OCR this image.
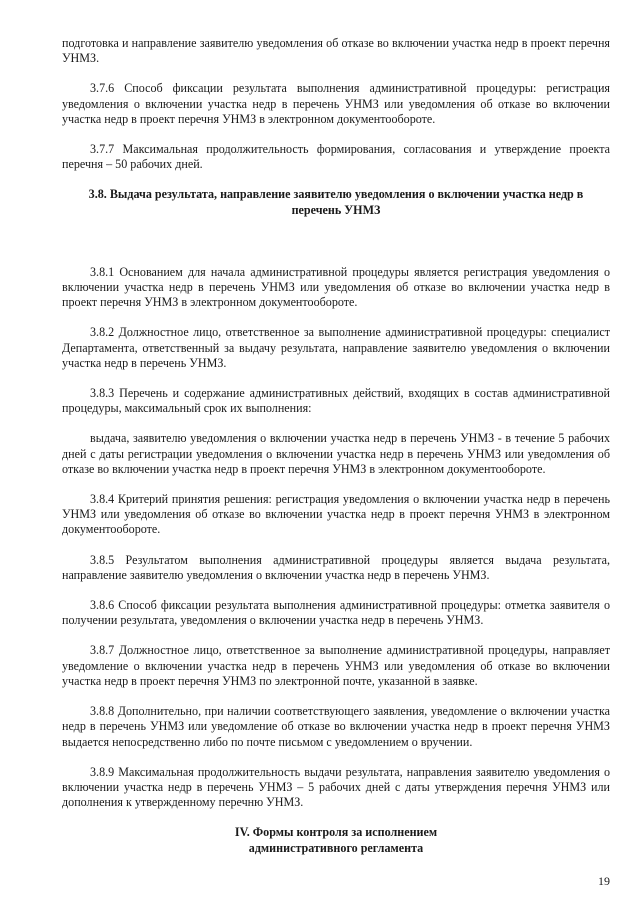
подготовка и направление заявителю уведомления об отказе во включении участка недр в проект перечня УНМЗ.

3.7.6 Способ фиксации результата выполнения административной процедуры: регистрация уведомления о включении участка недр в перечень УНМЗ или уведомления об отказе во включении участка недр в проект перечня УНМЗ в электронном документообороте.

3.7.7 Максимальная продолжительность формирования, согласования и утверждение проекта перечня – 50 рабочих дней.

3.8. Выдача результата, направление заявителю уведомления о включении участка недр в перечень УНМЗ

3.8.1 Основанием для начала административной процедуры является регистрация уведомления о включении участка недр в перечень УНМЗ или уведомления об отказе во включении участка недр в проект перечня УНМЗ в электронном документообороте.

3.8.2 Должностное лицо, ответственное за выполнение административной процедуры: специалист Департамента, ответственный за выдачу результата, направление заявителю уведомления о включении участка недр в перечень УНМЗ.

3.8.3 Перечень и содержание административных действий, входящих в состав административной процедуры, максимальный срок их выполнения:

выдача, заявителю уведомления о включении участка недр в перечень УНМЗ - в течение 5 рабочих дней с даты регистрации уведомления о включении участка недр в перечень УНМЗ или уведомления об отказе во включении участка недр в проект перечня УНМЗ в электронном документообороте.

3.8.4 Критерий принятия решения: регистрация уведомления о включении участка недр в перечень УНМЗ или уведомления об отказе во включении участка недр в проект перечня УНМЗ в электронном документообороте.

3.8.5 Результатом выполнения административной процедуры является выдача результата, направление заявителю уведомления о включении участка недр в перечень УНМЗ.

3.8.6 Способ фиксации результата выполнения административной процедуры: отметка заявителя о получении результата, уведомления о включении участка недр в перечень УНМЗ.

3.8.7 Должностное лицо, ответственное за выполнение административной процедуры, направляет уведомление о включении участка недр в перечень УНМЗ или уведомления об отказе во включении участка недр в проект перечня УНМЗ по электронной почте, указанной в заявке.

3.8.8 Дополнительно, при наличии соответствующего заявления, уведомление о включении участка недр в перечень УНМЗ или уведомление об отказе во включении участка недр в проект перечня УНМЗ выдается непосредственно либо по почте письмом с уведомлением о вручении.

3.8.9 Максимальная продолжительность выдачи результата, направления заявителю уведомления о включении участка недр в перечень УНМЗ – 5 рабочих дней с даты утверждения перечня УНМЗ или дополнения к утвержденному перечню УНМЗ.

IV. Формы контроля за исполнением административного регламента

19
